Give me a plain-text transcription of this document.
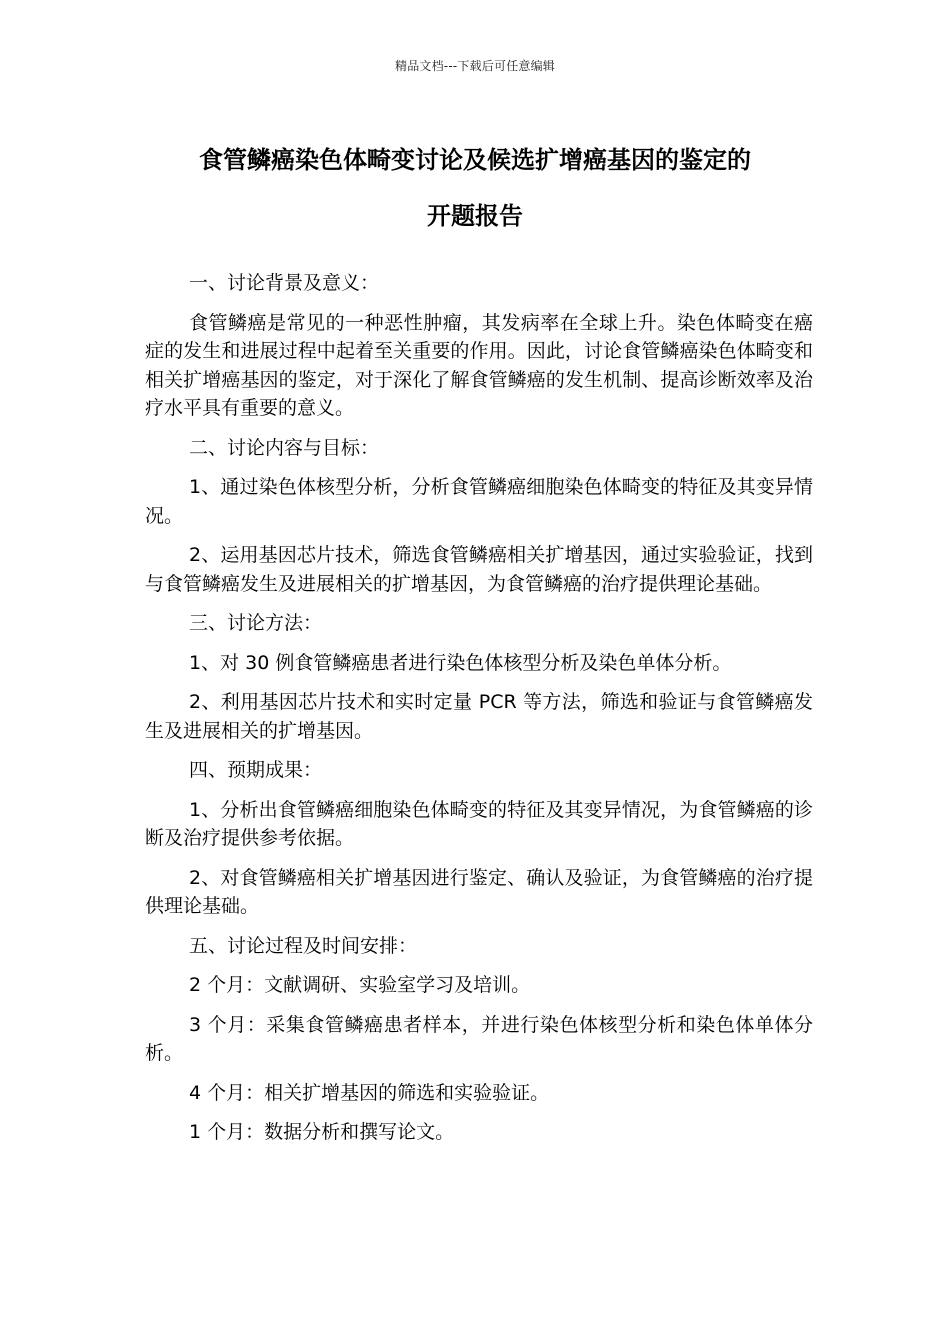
精品文档---下载后可任意编辑
食管鳞癌染色体畸变讨论及候选扩增癌基因的鉴定的
开题报告

一、讨论背景及意义：

食管鳞癌是常见的一种恶性肿瘤，其发病率在全球上升。染色体畸变在癌症的发生和进展过程中起着至关重要的作用。因此，讨论食管鳞癌染色体畸变和相关扩增癌基因的鉴定，对于深化了解食管鳞癌的发生机制、提高诊断效率及治疗水平具有重要的意义。

二、讨论内容与目标：

1、通过染色体核型分析，分析食管鳞癌细胞染色体畸变的特征及其变异情况。

2、运用基因芯片技术，筛选食管鳞癌相关扩增基因，通过实验验证，找到与食管鳞癌发生及进展相关的扩增基因，为食管鳞癌的治疗提供理论基础。

三、讨论方法：

1、对 30 例食管鳞癌患者进行染色体核型分析及染色单体分析。

2、利用基因芯片技术和实时定量 PCR 等方法，筛选和验证与食管鳞癌发生及进展相关的扩增基因。

四、预期成果：

1、分析出食管鳞癌细胞染色体畸变的特征及其变异情况，为食管鳞癌的诊断及治疗提供参考依据。

2、对食管鳞癌相关扩增基因进行鉴定、确认及验证，为食管鳞癌的治疗提供理论基础。

五、讨论过程及时间安排：

2 个月：文献调研、实验室学习及培训。

3 个月：采集食管鳞癌患者样本，并进行染色体核型分析和染色体单体分析。

4 个月：相关扩增基因的筛选和实验验证。

1 个月：数据分析和撰写论文。
